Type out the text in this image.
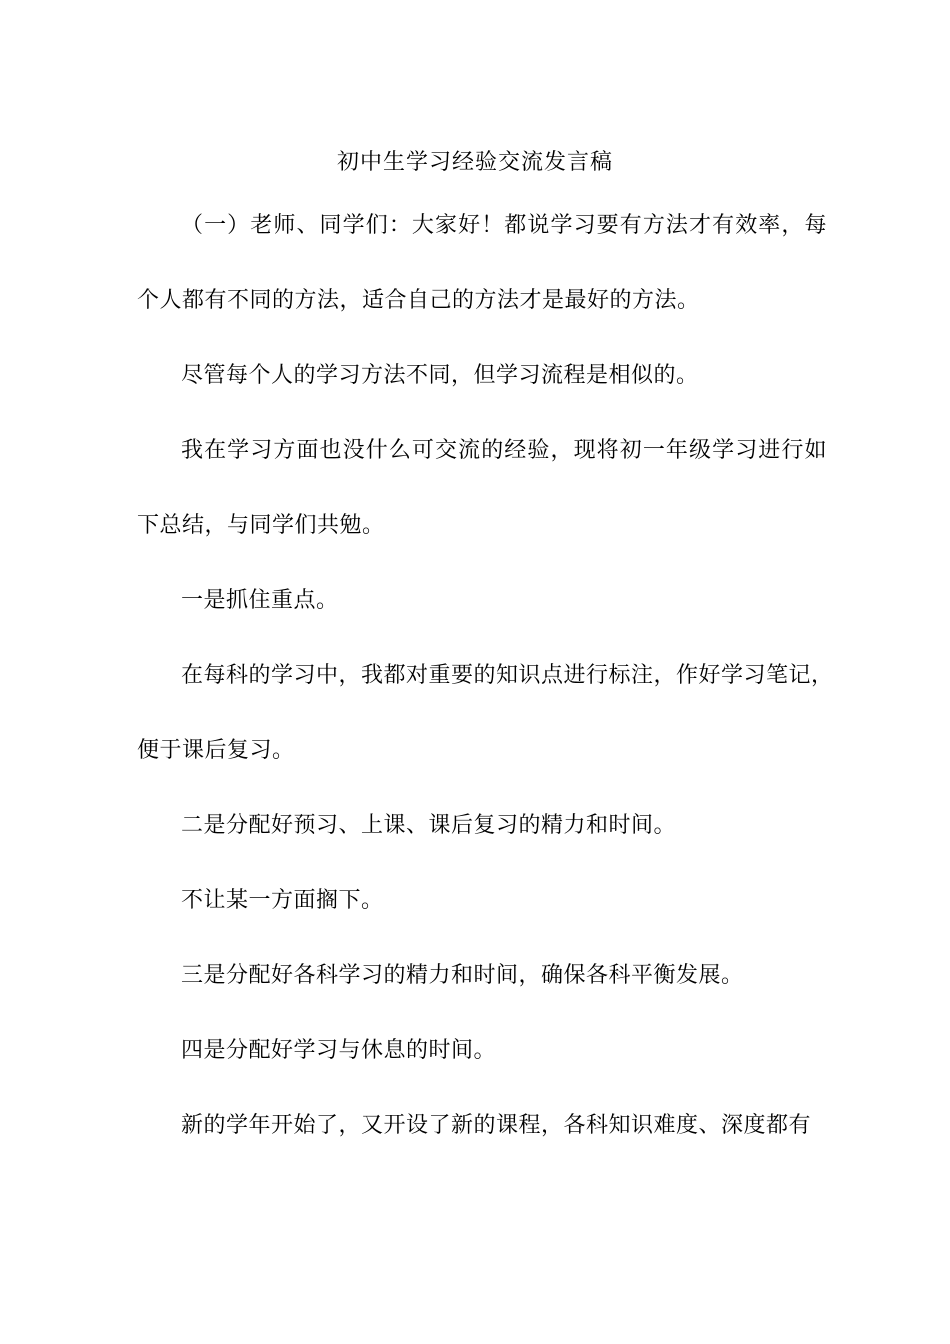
初中生学习经验交流发言稿
（一）老师、同学们：大家好！都说学习要有方法才有效率，每
个人都有不同的方法，适合自己的方法才是最好的方法。
尽管每个人的学习方法不同，但学习流程是相似的。
我在学习方面也没什么可交流的经验，现将初一年级学习进行如
下总结，与同学们共勉。
一是抓住重点。
在每科的学习中，我都对重要的知识点进行标注，作好学习笔记，
便于课后复习。
二是分配好预习、上课、课后复习的精力和时间。
不让某一方面搁下。
三是分配好各科学习的精力和时间，确保各科平衡发展。
四是分配好学习与休息的时间。
新的学年开始了，又开设了新的课程，各科知识难度、深度都有
